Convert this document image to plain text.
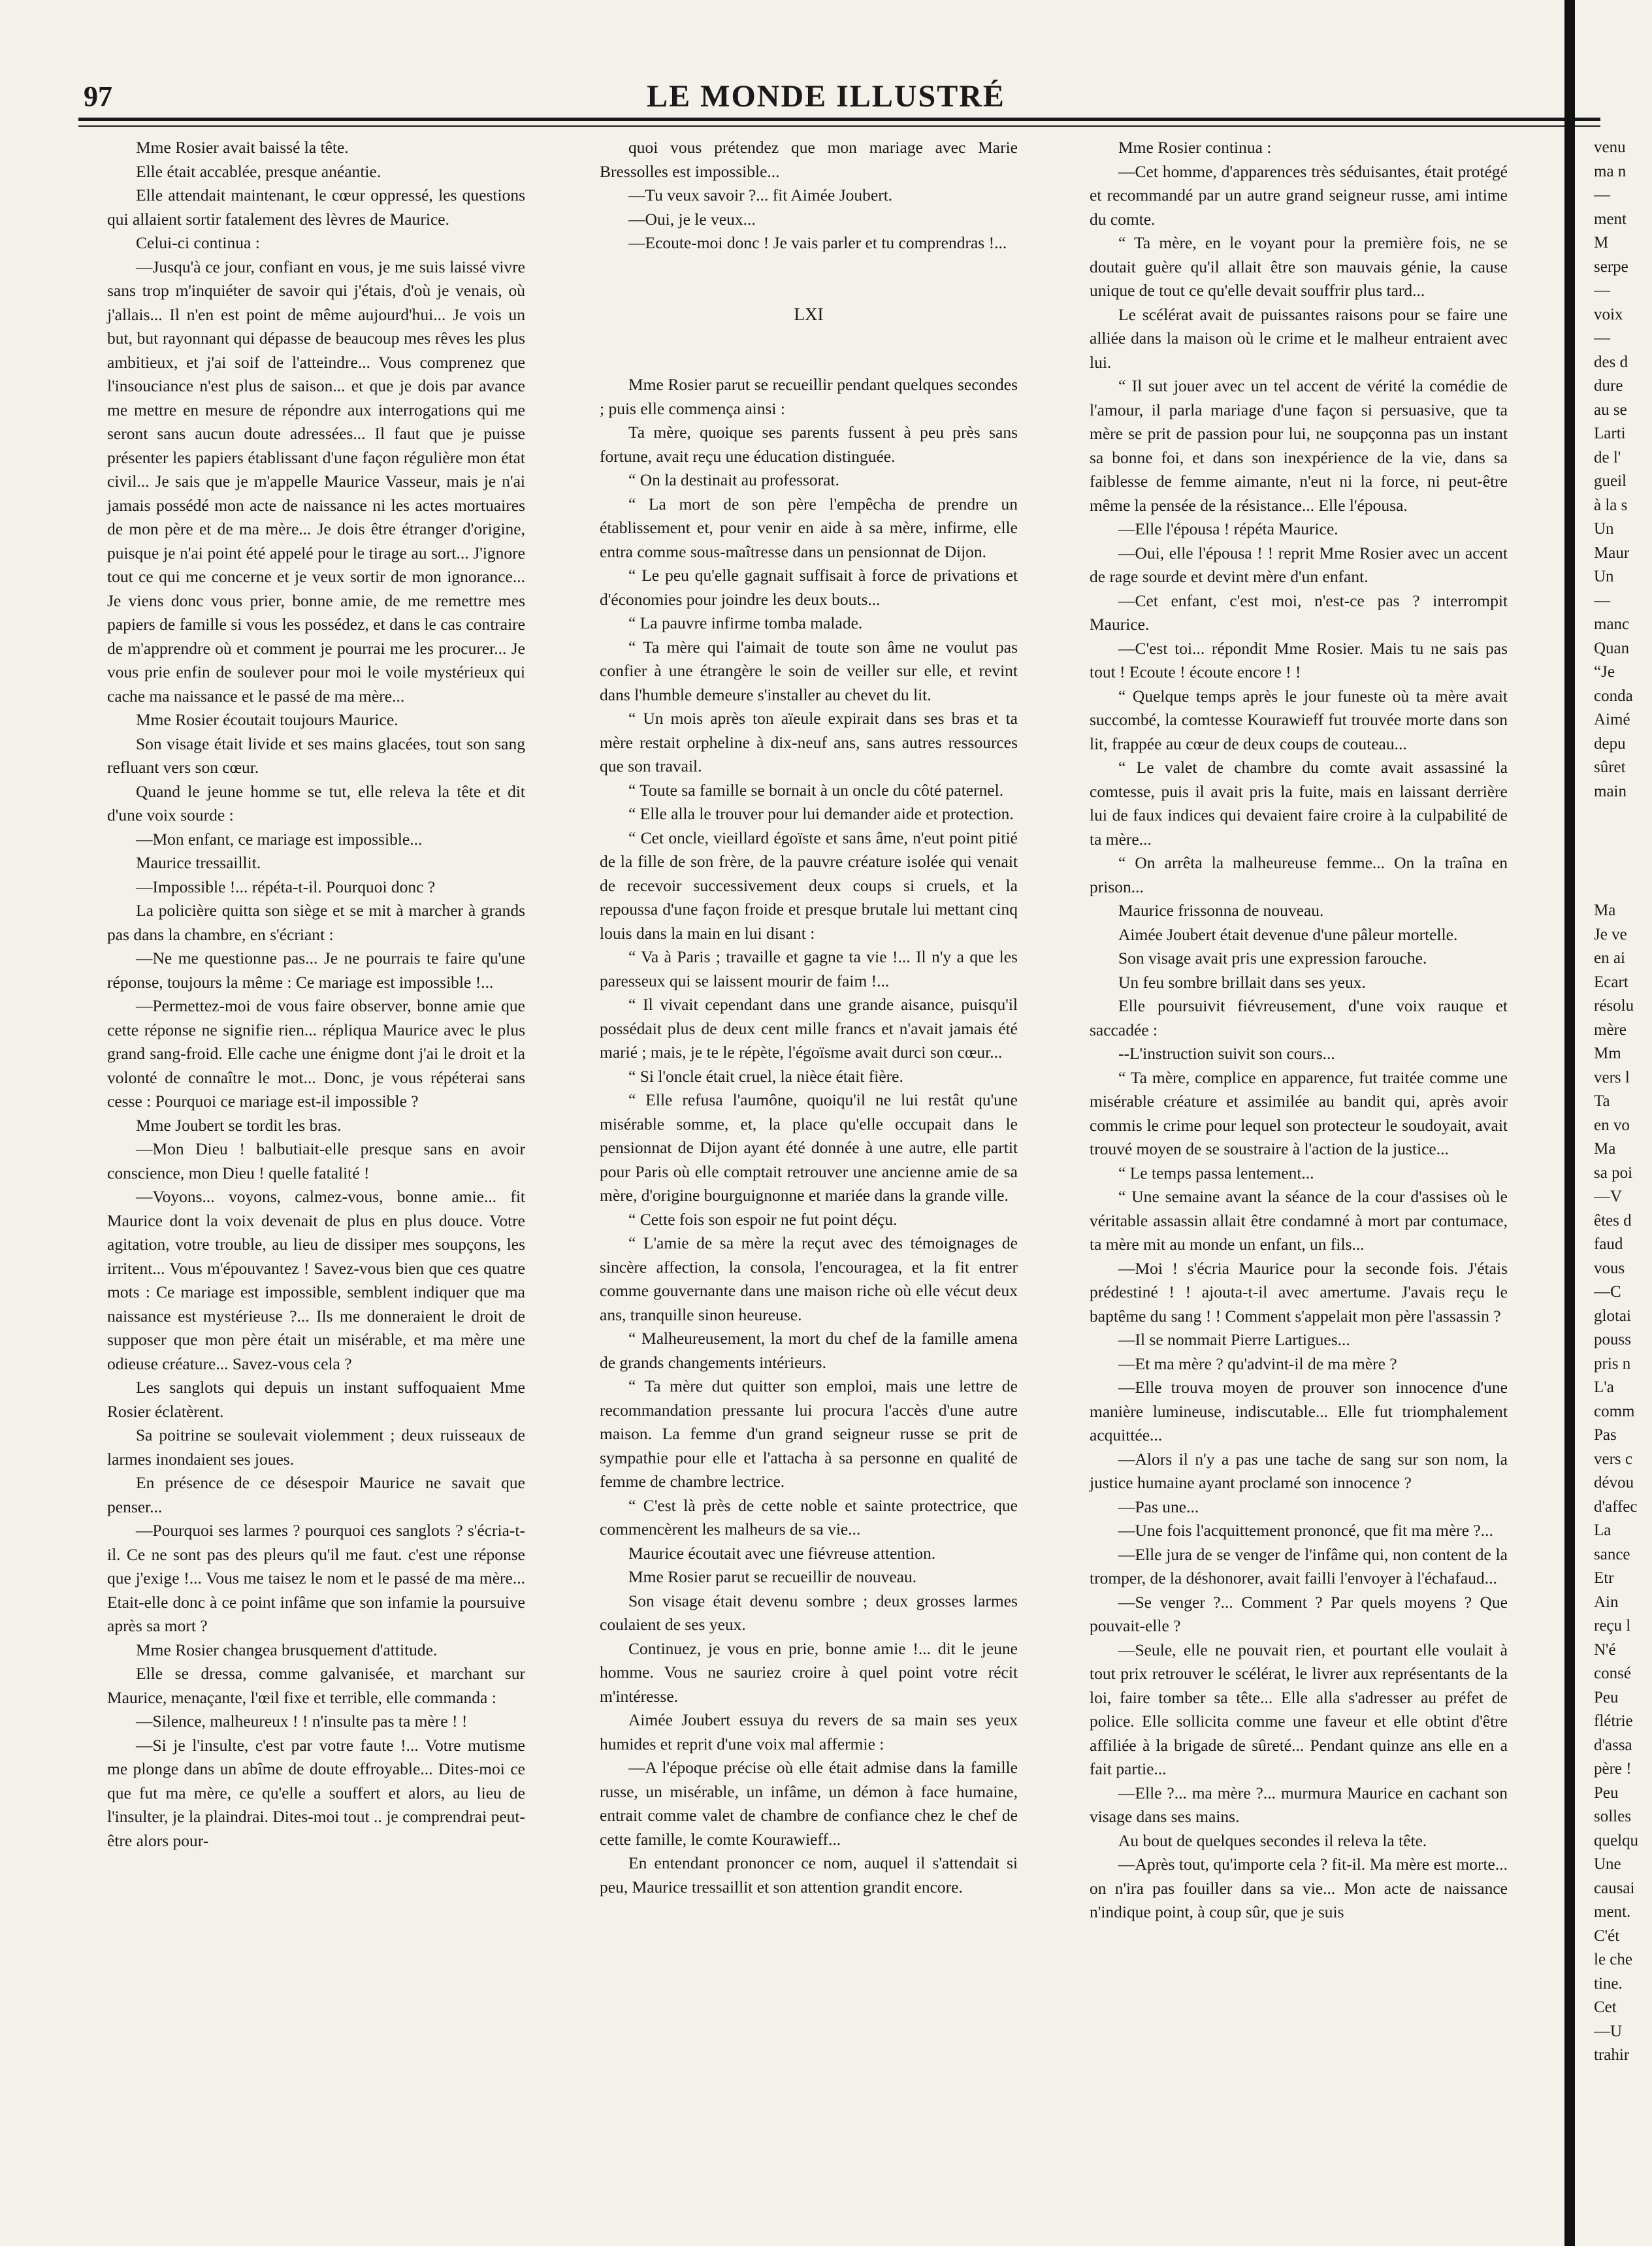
97	LE MONDE ILLUSTRÉ

Mme Rosier avait baissé la tête.

Elle était accablée, presque anéantie.

Elle attendait maintenant, le cœur oppressé, les questions qui allaient sortir fatalement des lèvres de Maurice.

Celui-ci continua :

—Jusqu'à ce jour, confiant en vous, je me suis laissé vivre sans trop m'inquiéter de savoir qui j'étais, d'où je venais, où j'allais... Il n'en est point de même aujourd'hui... Je vois un but, but rayonnant qui dépasse de beaucoup mes rêves les plus ambitieux, et j'ai soif de l'atteindre... Vous comprenez que l'insouciance n'est plus de saison... et que je dois par avance me mettre en mesure de répondre aux interrogations qui me seront sans aucun doute adressées... Il faut que je puisse présenter les papiers établissant d'une façon régulière mon état civil... Je sais que je m'appelle Maurice Vasseur, mais je n'ai jamais possédé mon acte de naissance ni les actes mortuaires de mon père et de ma mère... Je dois être étranger d'origine, puisque je n'ai point été appelé pour le tirage au sort... J'ignore tout ce qui me concerne et je veux sortir de mon ignorance... Je viens donc vous prier, bonne amie, de me remettre mes papiers de famille si vous les possédez, et dans le cas contraire de m'apprendre où et comment je pourrai me les procurer... Je vous prie enfin de soulever pour moi le voile mystérieux qui cache ma naissance et le passé de ma mère...

Mme Rosier écoutait toujours Maurice.

Son visage était livide et ses mains glacées, tout son sang refluant vers son cœur.

Quand le jeune homme se tut, elle releva la tête et dit d'une voix sourde :

—Mon enfant, ce mariage est impossible...

Maurice tressaillit.

—Impossible !... répéta-t-il. Pourquoi donc ?

La policière quitta son siège et se mit à marcher à grands pas dans la chambre, en s'écriant :

—Ne me questionne pas... Je ne pourrais te faire qu'une réponse, toujours la même : Ce mariage est impossible !...

—Permettez-moi de vous faire observer, bonne amie que cette réponse ne signifie rien... répliqua Maurice avec le plus grand sang-froid. Elle cache une énigme dont j'ai le droit et la volonté de connaître le mot... Donc, je vous répéterai sans cesse : Pourquoi ce mariage est-il impossible ?

Mme Joubert se tordit les bras.

—Mon Dieu ! balbutiait-elle presque sans en avoir conscience, mon Dieu ! quelle fatalité !

—Voyons... voyons, calmez-vous, bonne amie... fit Maurice dont la voix devenait de plus en plus douce. Votre agitation, votre trouble, au lieu de dissiper mes soupçons, les irritent... Vous m'épouvantez ! Savez-vous bien que ces quatre mots : Ce mariage est impossible, semblent indiquer que ma naissance est mystérieuse ?... Ils me donneraient le droit de supposer que mon père était un misérable, et ma mère une odieuse créature... Savez-vous cela ?

Les sanglots qui depuis un instant suffoquaient Mme Rosier éclatèrent.

Sa poitrine se soulevait violemment ; deux ruisseaux de larmes inondaient ses joues.

En présence de ce désespoir Maurice ne savait que penser...

—Pourquoi ses larmes ? pourquoi ces sanglots ? s'écria-t-il. Ce ne sont pas des pleurs qu'il me faut. c'est une réponse que j'exige !... Vous me taisez le nom et le passé de ma mère... Etait-elle donc à ce point infâme que son infamie la poursuive après sa mort ?

Mme Rosier changea brusquement d'attitude.

Elle se dressa, comme galvanisée, et marchant sur Maurice, menaçante, l'œil fixe et terrible, elle commanda :

—Silence, malheureux ! ! n'insulte pas ta mère ! !

—Si je l'insulte, c'est par votre faute !... Votre mutisme me plonge dans un abîme de doute effroyable... Dites-moi ce que fut ma mère, ce qu'elle a souffert et alors, au lieu de l'insulter, je la plaindrai. Dites-moi tout .. je comprendrai peut-être alors pour-

quoi vous prétendez que mon mariage avec Marie Bressolles est impossible...

—Tu veux savoir ?... fit Aimée Joubert.

—Oui, je le veux...

—Ecoute-moi donc ! Je vais parler et tu comprendras !...

LXI

Mme Rosier parut se recueillir pendant quelques secondes ; puis elle commença ainsi :

Ta mère, quoique ses parents fussent à peu près sans fortune, avait reçu une éducation distinguée.

“ On la destinait au professorat.

“ La mort de son père l'empêcha de prendre un établissement et, pour venir en aide à sa mère, infirme, elle entra comme sous-maîtresse dans un pensionnat de Dijon.

“ Le peu qu'elle gagnait suffisait à force de privations et d'économies pour joindre les deux bouts...

“ La pauvre infirme tomba malade.

“ Ta mère qui l'aimait de toute son âme ne voulut pas confier à une étrangère le soin de veiller sur elle, et revint dans l'humble demeure s'installer au chevet du lit.

“ Un mois après ton aïeule expirait dans ses bras et ta mère restait orpheline à dix-neuf ans, sans autres ressources que son travail.

“ Toute sa famille se bornait à un oncle du côté paternel.

“ Elle alla le trouver pour lui demander aide et protection.

“ Cet oncle, vieillard égoïste et sans âme, n'eut point pitié de la fille de son frère, de la pauvre créature isolée qui venait de recevoir successivement deux coups si cruels, et la repoussa d'une façon froide et presque brutale lui mettant cinq louis dans la main en lui disant :

“ Va à Paris ; travaille et gagne ta vie !... Il n'y a que les paresseux qui se laissent mourir de faim !...

“ Il vivait cependant dans une grande aisance, puisqu'il possédait plus de deux cent mille francs et n'avait jamais été marié ; mais, je te le répète, l'égoïsme avait durci son cœur...

“ Si l'oncle était cruel, la nièce était fière.

“ Elle refusa l'aumône, quoiqu'il ne lui restât qu'une misérable somme, et, la place qu'elle occupait dans le pensionnat de Dijon ayant été donnée à une autre, elle partit pour Paris où elle comptait retrouver une ancienne amie de sa mère, d'origine bourguignonne et mariée dans la grande ville.

“ Cette fois son espoir ne fut point déçu.

“ L'amie de sa mère la reçut avec des témoignages de sincère affection, la consola, l'encouragea, et la fit entrer comme gouvernante dans une maison riche où elle vécut deux ans, tranquille sinon heureuse.

“ Malheureusement, la mort du chef de la famille amena de grands changements intérieurs.

“ Ta mère dut quitter son emploi, mais une lettre de recommandation pressante lui procura l'accès d'une autre maison. La femme d'un grand seigneur russe se prit de sympathie pour elle et l'attacha à sa personne en qualité de femme de chambre lectrice.

“ C'est là près de cette noble et sainte protectrice, que commencèrent les malheurs de sa vie...

Maurice écoutait avec une fiévreuse attention.

Mme Rosier parut se recueillir de nouveau.

Son visage était devenu sombre ; deux grosses larmes coulaient de ses yeux.

Continuez, je vous en prie, bonne amie !... dit le jeune homme. Vous ne sauriez croire à quel point votre récit m'intéresse.

Aimée Joubert essuya du revers de sa main ses yeux humides et reprit d'une voix mal affermie :

—A l'époque précise où elle était admise dans la famille russe, un misérable, un infâme, un démon à face humaine, entrait comme valet de chambre de confiance chez le chef de cette famille, le comte Kourawieff...

En entendant prononcer ce nom, auquel il s'attendait si peu, Maurice tressaillit et son attention grandit encore.

Mme Rosier continua :

—Cet homme, d'apparences très séduisantes, était protégé et recommandé par un autre grand seigneur russe, ami intime du comte.

“ Ta mère, en le voyant pour la première fois, ne se doutait guère qu'il allait être son mauvais génie, la cause unique de tout ce qu'elle devait souffrir plus tard...

Le scélérat avait de puissantes raisons pour se faire une alliée dans la maison où le crime et le malheur entraient avec lui.

“ Il sut jouer avec un tel accent de vérité la comédie de l'amour, il parla mariage d'une façon si persuasive, que ta mère se prit de passion pour lui, ne soupçonna pas un instant sa bonne foi, et dans son inexpérience de la vie, dans sa faiblesse de femme aimante, n'eut ni la force, ni peut-être même la pensée de la résistance... Elle l'épousa.

—Elle l'épousa ! répéta Maurice.

—Oui, elle l'épousa ! ! reprit Mme Rosier avec un accent de rage sourde et devint mère d'un enfant.

—Cet enfant, c'est moi, n'est-ce pas ? interrompit Maurice.

—C'est toi... répondit Mme Rosier. Mais tu ne sais pas tout ! Ecoute ! écoute encore ! !

“ Quelque temps après le jour funeste où ta mère avait succombé, la comtesse Kourawieff fut trouvée morte dans son lit, frappée au cœur de deux coups de couteau...

“ Le valet de chambre du comte avait assassiné la comtesse, puis il avait pris la fuite, mais en laissant derrière lui de faux indices qui devaient faire croire à la culpabilité de ta mère...

“ On arrêta la malheureuse femme... On la traîna en prison...

Maurice frissonna de nouveau.

Aimée Joubert était devenue d'une pâleur mortelle.

Son visage avait pris une expression farouche.

Un feu sombre brillait dans ses yeux.

Elle poursuivit fiévreusement, d'une voix rauque et saccadée :

--L'instruction suivit son cours...

“ Ta mère, complice en apparence, fut traitée comme une misérable créature et assimilée au bandit qui, après avoir commis le crime pour lequel son protecteur le soudoyait, avait trouvé moyen de se soustraire à l'action de la justice...

“ Le temps passa lentement...

“ Une semaine avant la séance de la cour d'assises où le véritable assassin allait être condamné à mort par contumace, ta mère mit au monde un enfant, un fils...

—Moi ! s'écria Maurice pour la seconde fois. J'étais prédestiné ! ! ajouta-t-il avec amertume. J'avais reçu le baptême du sang ! ! Comment s'appelait mon père l'assassin ?

—Il se nommait Pierre Lartigues...

—Et ma mère ? qu'advint-il de ma mère ?

—Elle trouva moyen de prouver son innocence d'une manière lumineuse, indiscutable... Elle fut triomphalement acquittée...

—Alors il n'y a pas une tache de sang sur son nom, la justice humaine ayant proclamé son innocence ?

—Pas une...

—Une fois l'acquittement prononcé, que fit ma mère ?...

—Elle jura de se venger de l'infâme qui, non content de la tromper, de la déshonorer, avait failli l'envoyer à l'échafaud...

—Se venger ?... Comment ? Par quels moyens ? Que pouvait-elle ?

—Seule, elle ne pouvait rien, et pourtant elle voulait à tout prix retrouver le scélérat, le livrer aux représentants de la loi, faire tomber sa tête... Elle alla s'adresser au préfet de police. Elle sollicita comme une faveur et elle obtint d'être affiliée à la brigade de sûreté... Pendant quinze ans elle en a fait partie...

—Elle ?... ma mère ?... murmura Maurice en cachant son visage dans ses mains.

Au bout de quelques secondes il releva la tête.

—Après tout, qu'importe cela ? fit-il. Ma mère est morte... on n'ira pas fouiller dans sa vie... Mon acte de naissance n'indique point, à coup sûr, que je suis

venu
ma n
—
ment
M
serpe
—
voix
—
des d
dure
au se
Larti
de l'
gueil
à la s
Un
Maur
Un
—
manc
Quan
“Je
conda
Aimé
depu
sûret
main
Ma
Je ve
en ai
Ecart
résolu
mère
Mm
vers l
Ta
en vo
Ma
sa poi
—V
êtes d
faud
vous
—C
glotai
pouss
pris n
L'a
comm
Pas
vers c
dévou
d'affec
La
sance
Etr
Ain
reçu l
N'é
consé
Peu
flétrie
d'assa
père !
Peu
solles
quelqu
Une
causai
ment.
C'ét
le che
tine.
Cet
—U
trahir
